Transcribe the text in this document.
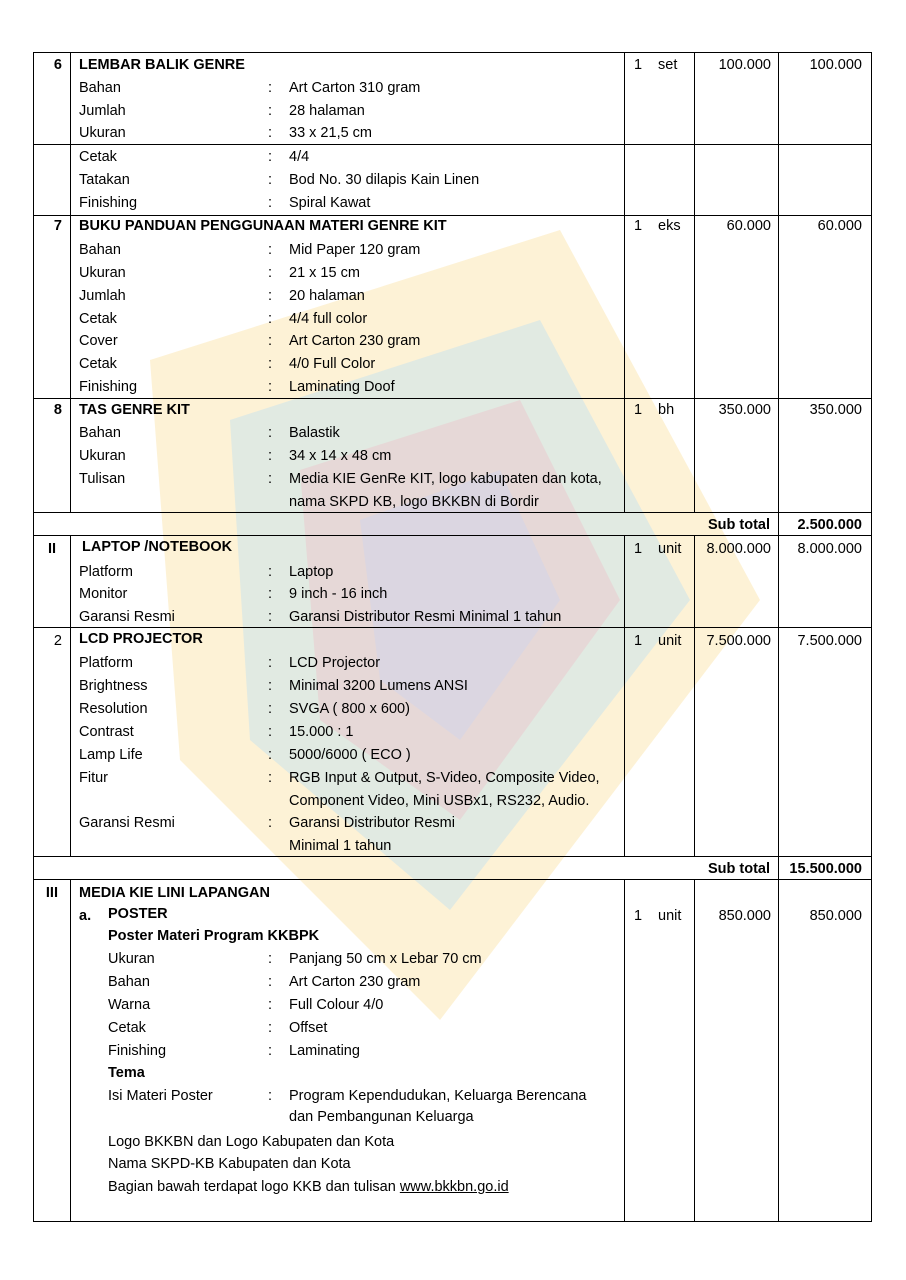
6 LEMBAR BALIK GENRE
Bahan	: Art Carton 310 gram
Jumlah	: 28 halaman
Ukuran	: 33 x 21,5 cm
Cetak	: 4/4
Tatakan	: Bod No. 30 dilapis Kain Linen
Finishing	: Spiral Kawat
1 set	100.000	100.000
7 BUKU PANDUAN PENGGUNAAN MATERI GENRE KIT
Bahan	: Mid Paper 120 gram
Ukuran	: 21 x 15 cm
Jumlah	: 20 halaman
Cetak	: 4/4 full color
Cover	: Art Carton 230 gram
Cetak	: 4/0 Full Color
Finishing	: Laminating Doof
1 eks	60.000	60.000
8 TAS GENRE KIT
Bahan	: Balastik
Ukuran	: 34 x 14 x 48 cm
Tulisan	: Media KIE GenRe KIT, logo kabupaten dan kota,
nama SKPD KB, logo BKKBN di Bordir
1 bh	350.000	350.000
Sub total	2.500.000
II LAPTOP /NOTEBOOK
Platform	: Laptop
Monitor	: 9 inch - 16 inch
Garansi Resmi	: Garansi Distributor Resmi Minimal 1 tahun
1 unit	8.000.000	8.000.000
2 LCD PROJECTOR
Platform	: LCD Projector
Brightness	: Minimal 3200 Lumens ANSI
Resolution	: SVGA ( 800 x 600)
Contrast	: 15.000 : 1
Lamp Life	: 5000/6000 ( ECO )
Fitur	: RGB Input & Output, S-Video, Composite Video,
Component Video, Mini USBx1, RS232, Audio.
Garansi Resmi	: Garansi Distributor Resmi
Minimal 1 tahun
1 unit	7.500.000	7.500.000
Sub total	15.500.000
III MEDIA KIE LINI LAPANGAN
a. POSTER
Poster Materi Program KKBPK
Ukuran	: Panjang 50 cm x Lebar 70 cm
Bahan	: Art Carton 230 gram
Warna	: Full Colour 4/0
Cetak	: Offset
Finishing	: Laminating
Tema
Isi Materi Poster	: Program Kependudukan, Keluarga Berencana
dan Pembangunan Keluarga
Logo BKKBN dan Logo Kabupaten dan Kota
Nama SKPD-KB Kabupaten dan Kota
Bagian bawah terdapat logo KKB dan tulisan www.bkkbn.go.id
1 unit	850.000	850.000
